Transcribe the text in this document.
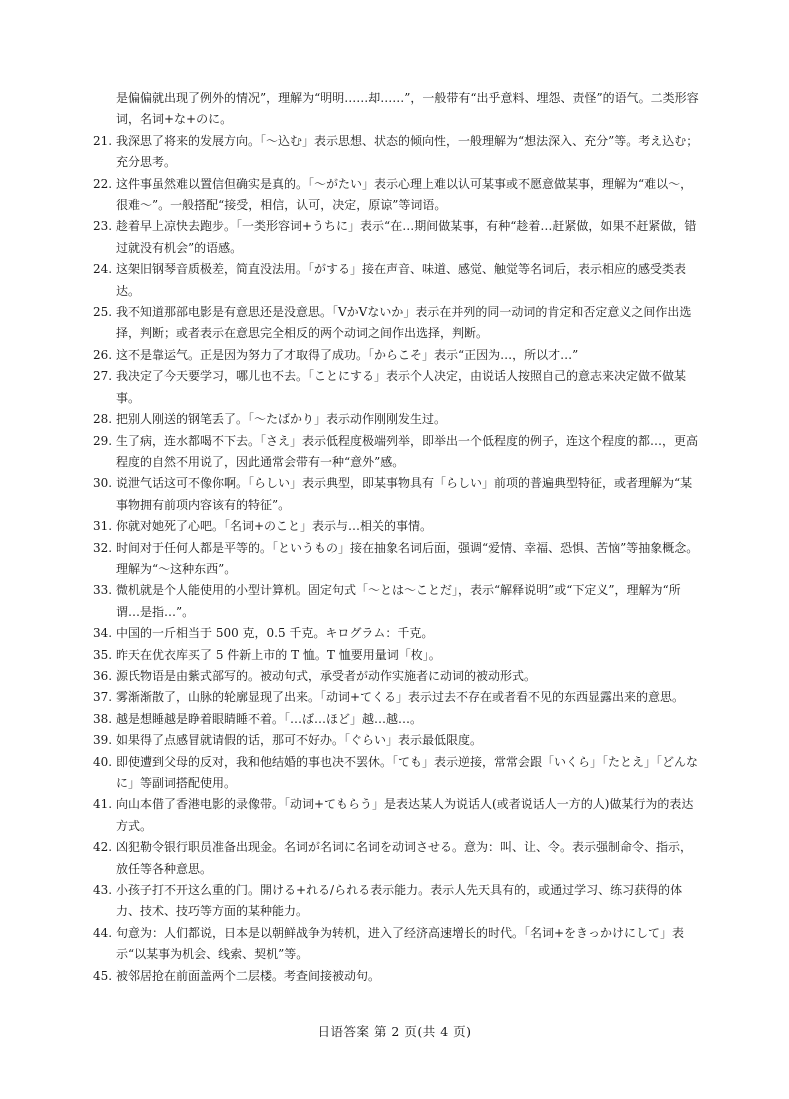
是偏偏就出现了例外的情况”，理解为“明明……却……”，一般带有“出乎意料、埋怨、责怪”的语气。二类形容词，名词+な+のに。

21. 我深思了将来的发展方向。「～込む」表示思想、状态的倾向性，一般理解为“想法深入、充分”等。考え込む；充分思考。
22. 这件事虽然难以置信但确实是真的。「～がたい」表示心理上难以认可某事或不愿意做某事，理解为“难以～，很难～”。一般搭配“接受，相信，认可，决定，原谅”等词语。
23. 趁着早上凉快去跑步。「一类形容词+うちに」表示“在…期间做某事，有种“趁着…赶紧做，如果不赶紧做，错过就没有机会”的语感。
24. 这架旧钢琴音质极差，简直没法用。「がする」接在声音、味道、感觉、触觉等名词后，表示相应的感受类表达。
25. 我不知道那部电影是有意思还是没意思。「VかVないか」表示在并列的同一动词的肯定和否定意义之间作出选择，判断；或者表示在意思完全相反的两个动词之间作出选择，判断。
26. 这不是靠运气。正是因为努力了才取得了成功。「からこそ」表示“正因为…，所以才…”
27. 我决定了今天要学习，哪儿也不去。「ことにする」表示个人决定，由说话人按照自己的意志来决定做不做某事。
28. 把别人刚送的钢笔丢了。「～たばかり」表示动作刚刚发生过。
29. 生了病，连水都喝不下去。「さえ」表示低程度极端列举，即举出一个低程度的例子，连这个程度的都…，更高程度的自然不用说了，因此通常会带有一种“意外”感。
30. 说泄气话这可不像你啊。「らしい」表示典型，即某事物具有「らしい」前项的普遍典型特征，或者理解为“某事物拥有前项内容该有的特征”。
31. 你就对她死了心吧。「名词+のこと」表示与…相关的事情。
32. 时间对于任何人都是平等的。「というもの」接在抽象名词后面，强调“爱情、幸福、恐惧、苦恼”等抽象概念。理解为“～这种东西”。
33. 微机就是个人能使用的小型计算机。固定句式「～とは～ことだ」，表示“解释说明”或“下定义”，理解为“所谓…是指…”。
34. 中国的一斤相当于 500 克，0.5 千克。キログラム：千克。
35. 昨天在优衣库买了 5 件新上市的 T 恤。T 恤要用量词「枚」。
36. 源氏物语是由紫式部写的。被动句式，承受者が动作实施者に动词的被动形式。
37. 雾渐渐散了，山脉的轮廓显现了出来。「动词+てくる」表示过去不存在或者看不见的东西显露出来的意思。
38. 越是想睡越是睁着眼睛睡不着。「…ば…ほど」越…越…。
39. 如果得了点感冒就请假的话，那可不好办。「ぐらい」表示最低限度。
40. 即使遭到父母的反对，我和他结婚的事也决不罢休。「ても」表示逆接，常常会跟「いくら」「たとえ」「どんなに」等副词搭配使用。
41. 向山本借了香港电影的录像带。「动词+てもらう」是表达某人为说话人(或者说话人一方的人)做某行为的表达方式。
42. 凶犯勒令银行职员准备出现金。名词が名词に名词を动词させる。意为：叫、让、令。表示强制命令、指示，放任等各种意思。
43. 小孩子打不开这么重的门。開ける+れる/られる表示能力。表示人先天具有的，或通过学习、练习获得的体力、技术、技巧等方面的某种能力。
44. 句意为：人们都说，日本是以朝鲜战争为转机，进入了经济高速增长的时代。「名词+をきっかけにして」表示“以某事为机会、线索、契机”等。
45. 被邻居抢在前面盖两个二层楼。考查间接被动句。
日语答案 第 2 页(共 4 页)
